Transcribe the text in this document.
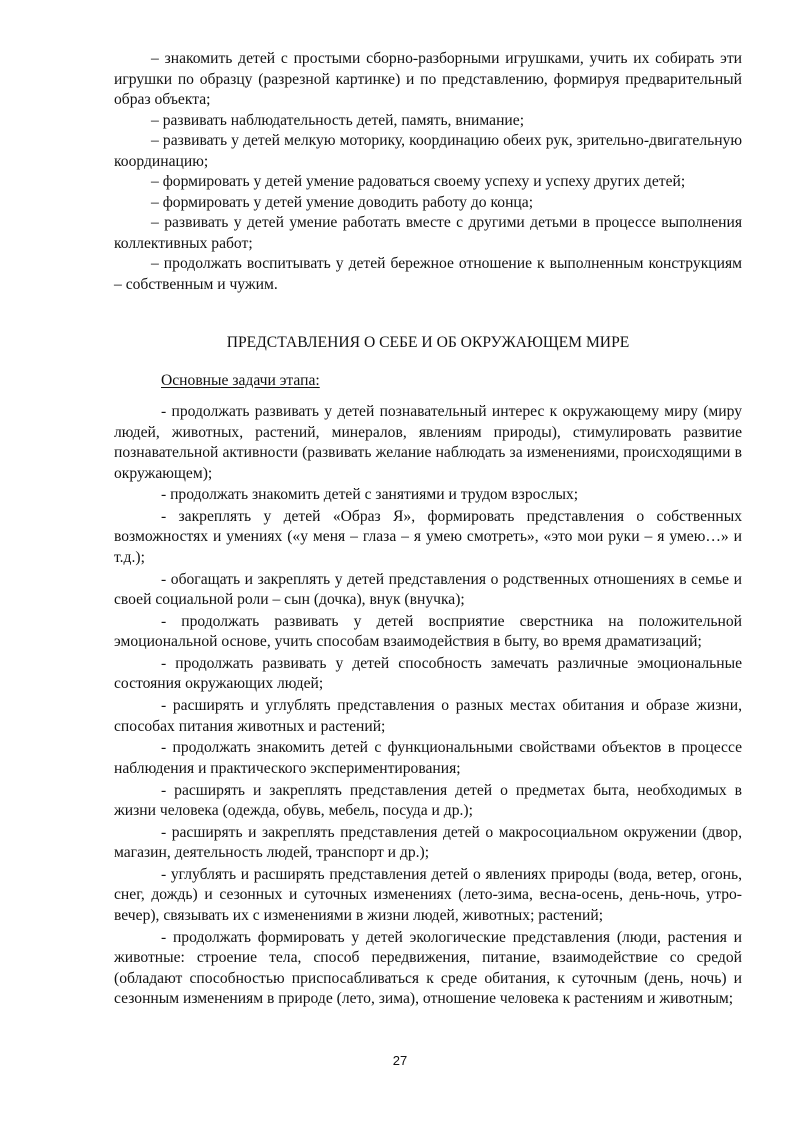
– знакомить детей с простыми сборно-разборными игрушками, учить их собирать эти игрушки по образцу (разрезной картинке) и по представлению, формируя предварительный образ объекта;

– развивать наблюдательность детей, память, внимание;

– развивать у детей мелкую моторику, координацию обеих рук, зрительно-двигательную координацию;

– формировать у детей умение радоваться своему успеху и успеху других детей;

– формировать у детей умение доводить работу до конца;

– развивать у детей умение работать вместе с другими детьми в процессе выполнения коллективных работ;

– продолжать воспитывать у детей бережное отношение к выполненным конструкциям – собственным и чужим.

ПРЕДСТАВЛЕНИЯ О СЕБЕ И ОБ ОКРУЖАЮЩЕМ МИРЕ

Основные задачи этапа:

- продолжать развивать у детей познавательный интерес к окружающему миру (миру людей, животных, растений, минералов, явлениям природы), стимулировать развитие познавательной активности (развивать желание наблюдать за изменениями, происходящими в окружающем);

- продолжать знакомить детей с занятиями и трудом взрослых;

- закреплять у детей «Образ Я», формировать представления о собственных возможностях и умениях («у меня – глаза – я умею смотреть», «это мои руки – я умею…» и т.д.);

- обогащать и закреплять у детей представления о родственных отношениях в семье и своей социальной роли – сын (дочка), внук (внучка);

- продолжать развивать у детей восприятие сверстника на положительной эмоциональной основе, учить способам взаимодействия в быту, во время драматизаций;

- продолжать развивать у детей способность замечать различные эмоциональные состояния окружающих людей;

- расширять и углублять представления о разных местах обитания и образе жизни, способах питания животных и растений;

- продолжать знакомить детей с функциональными свойствами объектов в процессе наблюдения и практического экспериментирования;

- расширять и закреплять представления детей о предметах быта, необходимых в жизни человека (одежда, обувь, мебель, посуда и др.);

- расширять и закреплять представления детей о макросоциальном окружении (двор, магазин, деятельность людей, транспорт и др.);

- углублять и расширять представления детей о явлениях природы (вода, ветер, огонь, снег, дождь) и сезонных и суточных изменениях (лето-зима, весна-осень, день-ночь, утро-вечер), связывать их с изменениями в жизни людей, животных; растений;

- продолжать формировать у детей экологические представления (люди, растения и животные: строение тела, способ передвижения, питание, взаимодействие со средой (обладают способностью приспосабливаться к среде обитания, к суточным (день, ночь) и сезонным изменениям в природе (лето, зима), отношение человека к растениям и животным;

27
